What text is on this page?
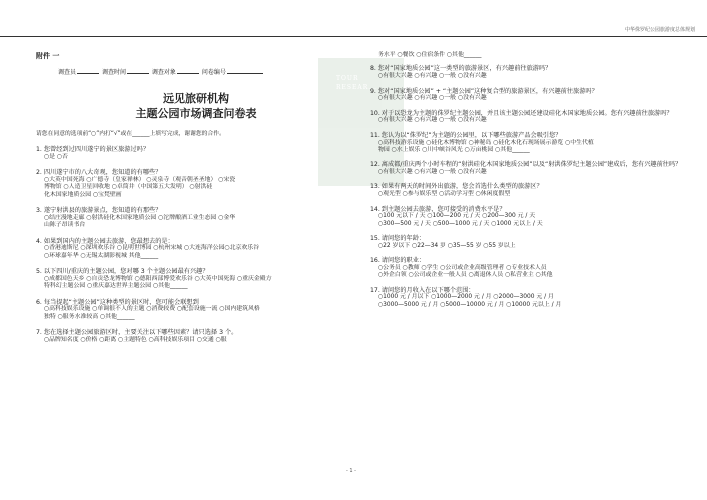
中华侏罗纪公园旅游度总体规划
TOUR RESEAR...
附件 一
调查员	调查时间	调查对象	问卷编号
远见旅研机构
主题公园市场调查问卷表
请您在同意的选项前“○”内打“√”或在______上填写完成，谢谢您的合作。
1. 您曾经到过四川遂宁的景区旅游过吗？
○是 ○否
2. 四川遂宁市的八大奇观，您知道的有哪些？
○大英中国死海 ○广德寺（皇家禅林） ○灵泉寺（观音朝圣圣地） ○宋瓷
博物馆 ○人造卫星回收地 ○卓筒井（中国第五大发明） ○射洪硅
化木国家地质公园 ○宝梵壁画
3. 遂宁射洪县的旅游景点，您知道的有那些？
○结庄漫地走廊 ○射洪硅化木国家地质公园 ○沱牌酿酒工业生态园 ○金华
山陈子昂读书台
4. 如果到国内的主题公园去旅游，您最想去的是：
○香港迪斯尼 ○深圳欢乐谷 ○昆明世博园 ○杭州宋城 ○大连海洋公园○北京欢乐谷
○环球嘉年华 ○无锡太湖影视城 其他______
5. 以下四川/重庆的主题公园，您对哪 3 个主题公园最有兴趣？
○成都国色天乡 ○自贡恐龙博物馆 ○德阳西部博爱欢乐谷 ○大英中国死海 ○重庆金殿方
特科幻主题公园 ○重庆嘉达世界主题公园 ○其他______
6. 每当提起“主题公园”这种类型的景区时，您可能会联想到
○高科技娱乐设施 ○单调很不人的主题 ○消费较费 ○配套设施一流 ○国内建筑风格
独特 ○服务水准较高 ○其他______
7. 您在选择主题公园旅游区时，主要关注以下哪些因素？请只选择 3 个。
○品牌知名度 ○价格 ○距离 ○主题特色 ○高科技娱乐项目 ○交通 ○服
务水平 ○餐饮 ○住宿条件 ○其他______
8. 您对“国家地质公园”这一类型的旅游景区，有兴趣前往旅游吗？
○有很大兴趣 ○有兴趣 ○一般 ○没有兴趣
9. 您对“国家地质公园” + “主题公园”这种复合型的旅游景区，有兴趣前往旅游吗？
○有很大兴趣 ○有兴趣 ○一般 ○没有兴趣
10. 对于以恐龙为主题的侏罗纪主题公园，并且该主题公园还建设硅化木国家地质公园。您有兴趣前往旅游吗？
○有很大兴趣 ○有兴趣 ○一般 ○没有兴趣
11. 您认为以“侏罗纪”为主题的公园里，以下哪些旅游产品会吸引您？
○高科技游乐设施 ○硅化木博物馆 ○神秘岛 ○硅化木化石现场展示游览 ○中生代植
物园 ○水上娱乐 ○川中峡谷风光 ○万亩桃园 ○其他______
12. 离成都/重庆两个小时车程的“射洪硅化木国家地质公园”以及“射洪侏罗纪主题公园”建成后，您有兴趣前往吗？
○有很大兴趣 ○有兴趣 ○一般 ○没有兴趣
13. 如果有两天的时间外出旅游，您会首选什么类型的旅游区？
○观光型 ○参与娱乐型 ○活动学习型 ○休闲度假型
14. 到主题公园去旅游，您可接受的消费水平是？
○100 元以下 / 天 ○100—200 元 / 天 ○200—300 元 / 天
○300—500 元 / 天 ○500—1000 元 / 天 ○1000 元以上 / 天
15. 请问您的年龄：
○22 岁以下 ○22—34 岁 ○35—55 岁 ○55 岁以上
16. 请问您的职业：
○公务员 ○教师 ○学生 ○公司或企业高级管理者 ○专业技术人员
○外企白领 ○公司或企业一般人员 ○离退休人员 ○私营业主 ○其他
17. 请问您的月收入在以下哪个范围：
○1000 元 / 月以下 ○1000—2000 元 / 月 ○2000—3000 元 / 月
○3000—5000 元 / 月 ○5000—10000 元 / 月 ○10000 元以上 / 月
- 1 -
